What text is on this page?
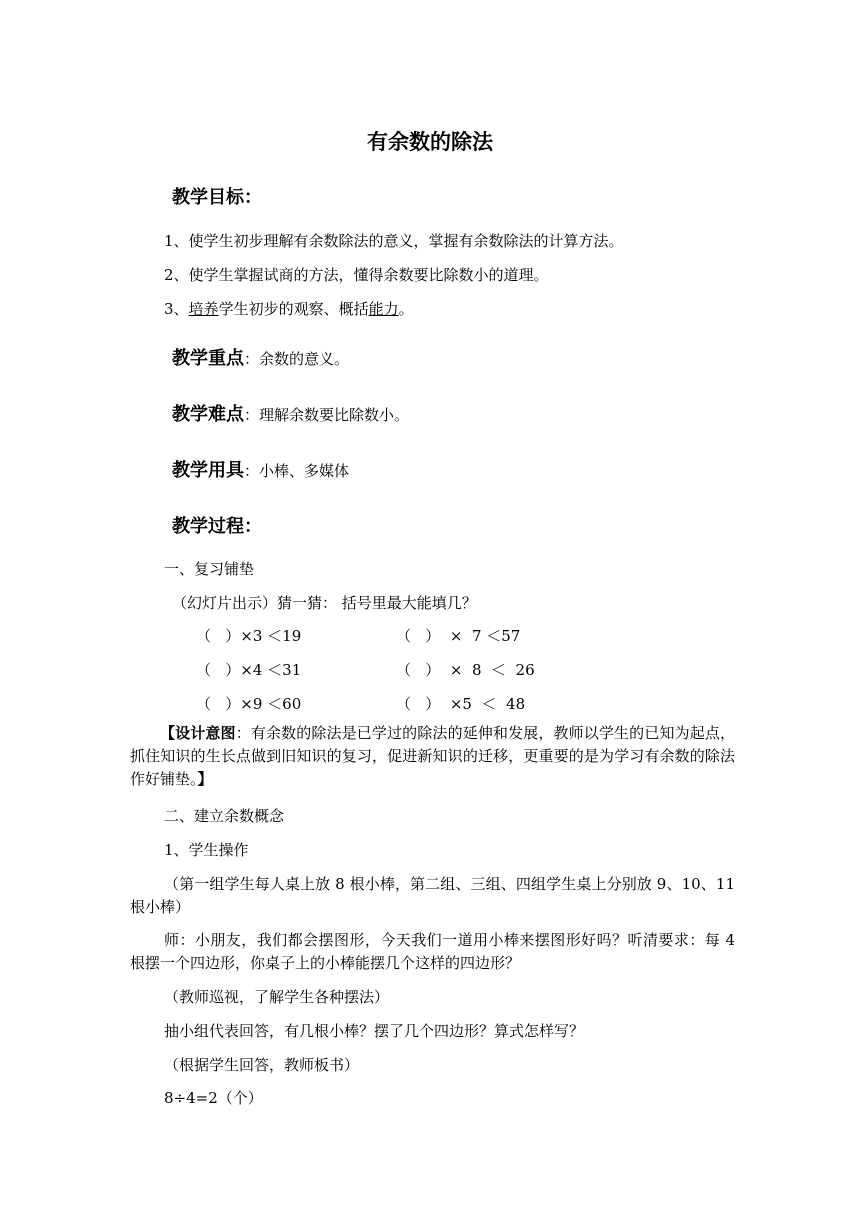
有余数的除法
教学目标：
1、使学生初步理解有余数除法的意义，掌握有余数除法的计算方法。
2、使学生掌握试商的方法，懂得余数要比除数小的道理。
3、培养学生初步的观察、概括能力。
教学重点：余数的意义。
教学难点：理解余数要比除数小。
教学用具：小棒、多媒体
教学过程：
一、复习铺垫
（幻灯片出示）猜一猜： 括号里最大能填几？
（   ）×3 ＜19
（   ）×4 ＜31
（   ）×9 ＜60
（   ）  ×  7 ＜57
（   ）  ×  8  ＜  26
（   ）  ×5  ＜  48
【设计意图：有余数的除法是已学过的除法的延伸和发展，教师以学生的已知为起点，抓住知识的生长点做到旧知识的复习，促进新知识的迁移，更重要的是为学习有余数的除法作好铺垫。】
二、建立余数概念
1、学生操作
（第一组学生每人桌上放 8 根小棒，第二组、三组、四组学生桌上分别放 9、10、11 根小棒）
师：小朋友，我们都会摆图形，今天我们一道用小棒来摆图形好吗？听清要求：每 4 根摆一个四边形，你桌子上的小棒能摆几个这样的四边形？
（教师巡视，了解学生各种摆法）
抽小组代表回答，有几根小棒？摆了几个四边形？算式怎样写？
（根据学生回答，教师板书）
8÷4=2（个）
